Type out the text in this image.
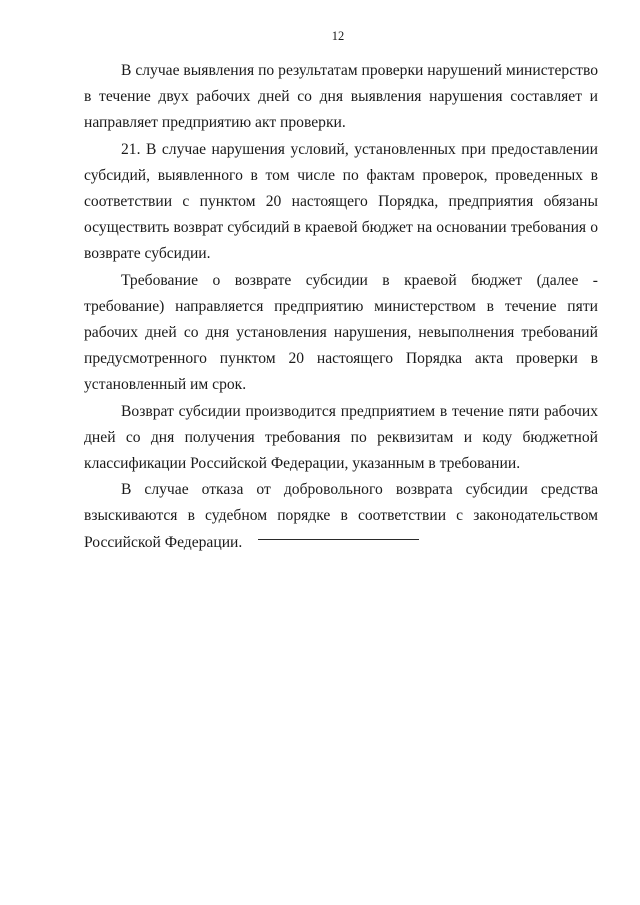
12

В случае выявления по результатам проверки нарушений министерство в течение двух рабочих дней со дня выявления нарушения составляет и направляет предприятию акт проверки.

21. В случае нарушения условий, установленных при предоставлении субсидий, выявленного в том числе по фактам проверок, проведенных в соответствии с пунктом 20 настоящего Порядка, предприятия обязаны осуществить возврат субсидий в краевой бюджет на основании требования о возврате субсидии.

Требование о возврате субсидии в краевой бюджет (далее - требование) направляется предприятию министерством в течение пяти рабочих дней со дня установления нарушения, невыполнения требований предусмотренного пунктом 20 настоящего Порядка акта проверки в установленный им срок.

Возврат субсидии производится предприятием в течение пяти рабочих дней со дня получения требования по реквизитам и коду бюджетной классификации Российской Федерации, указанным в требовании.

В случае отказа от добровольного возврата субсидии средства взыскиваются в судебном порядке в соответствии с законодательством Российской Федерации.
